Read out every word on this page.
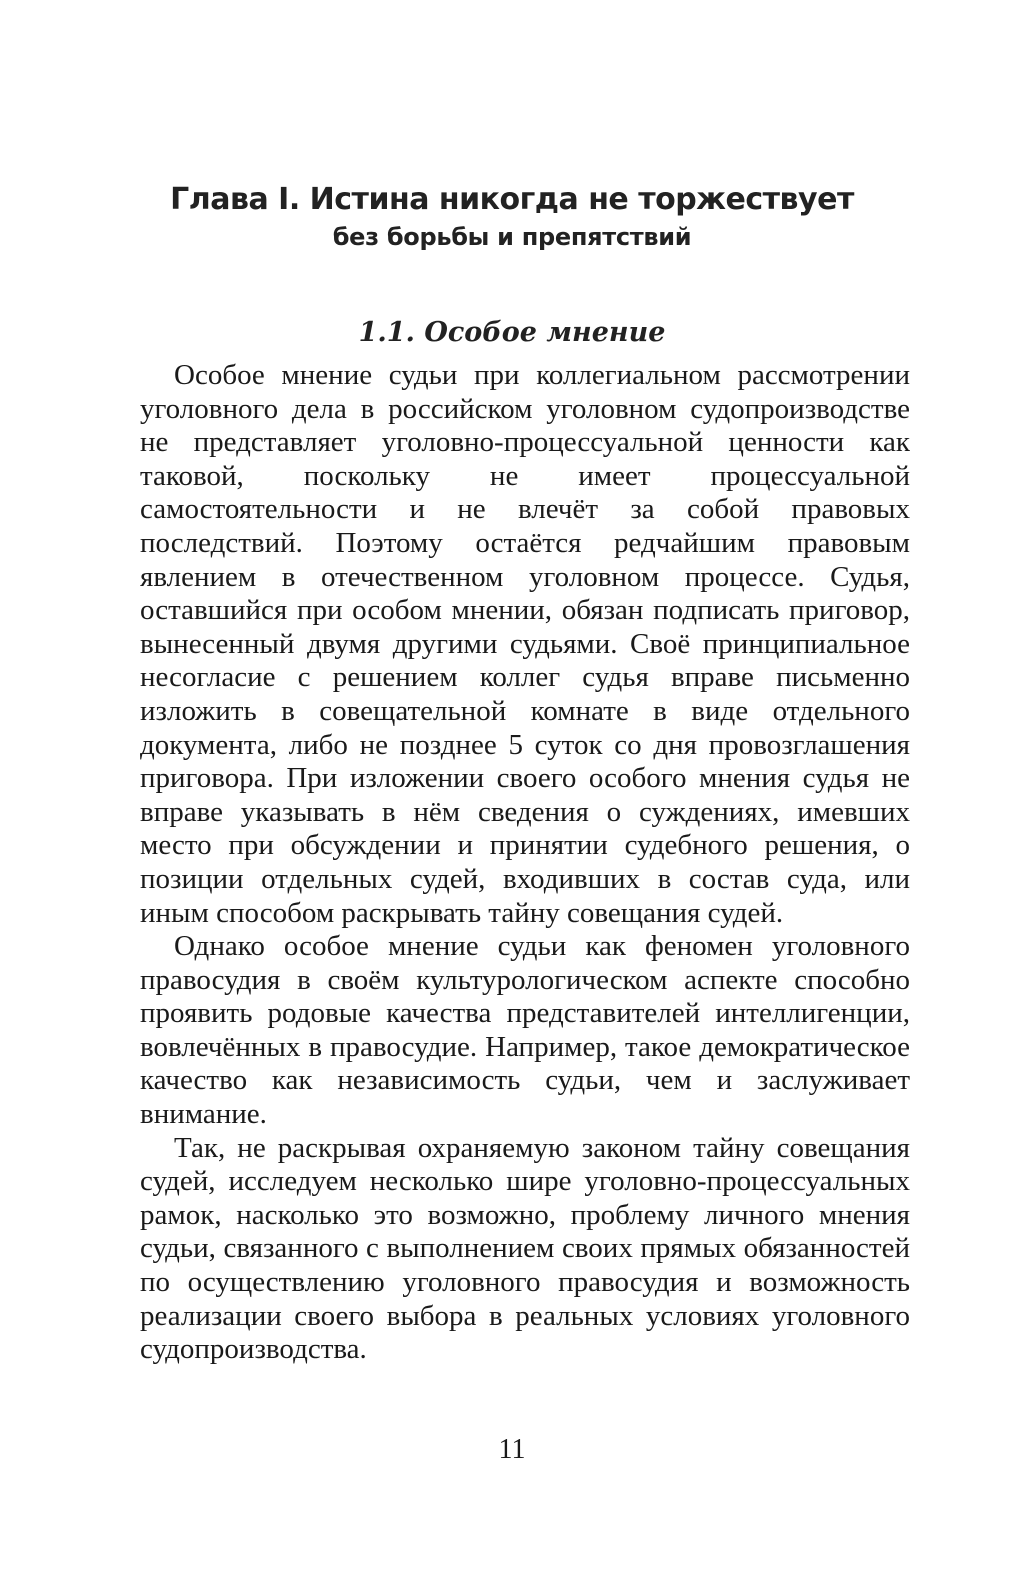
Глава I. Истина никогда не торжествует
без борьбы и препятствий
1.1. Особое мнение

Особое мнение судьи при коллегиальном рассмотрении уголовного дела в российском уголовном судопроизводстве не представляет уголовно-процессуальной ценности как таковой, поскольку не имеет процессуальной самостоятельности и не влечёт за собой правовых последствий. Поэтому остаётся редчайшим правовым явлением в отечественном уголовном процессе. Судья, оставшийся при особом мнении, обязан подписать приговор, вынесенный двумя другими судьями. Своё принципиальное несогласие с решением коллег судья вправе письменно изложить в совещательной комнате в виде отдельного документа, либо не позднее 5 суток со дня провозглашения приговора. При изложении своего особого мнения судья не вправе указывать в нём сведения о суждениях, имевших место при обсуждении и принятии судебного решения, о позиции отдельных судей, входивших в состав суда, или иным способом раскрывать тайну совещания судей.

Однако особое мнение судьи как феномен уголовного правосудия в своём культурологическом аспекте способно проявить родовые качества представителей интеллигенции, вовлечённых в правосудие. Например, такое демократическое качество как независимость судьи, чем и заслуживает внимание.

Так, не раскрывая охраняемую законом тайну совещания судей, исследуем несколько шире уголовно-процессуальных рамок, насколько это возможно, проблему личного мнения судьи, связанного с выполнением своих прямых обязанностей по осуществлению уголовного правосудия и возможность реализации своего выбора в реальных условиях уголовного судопроизводства.

11
